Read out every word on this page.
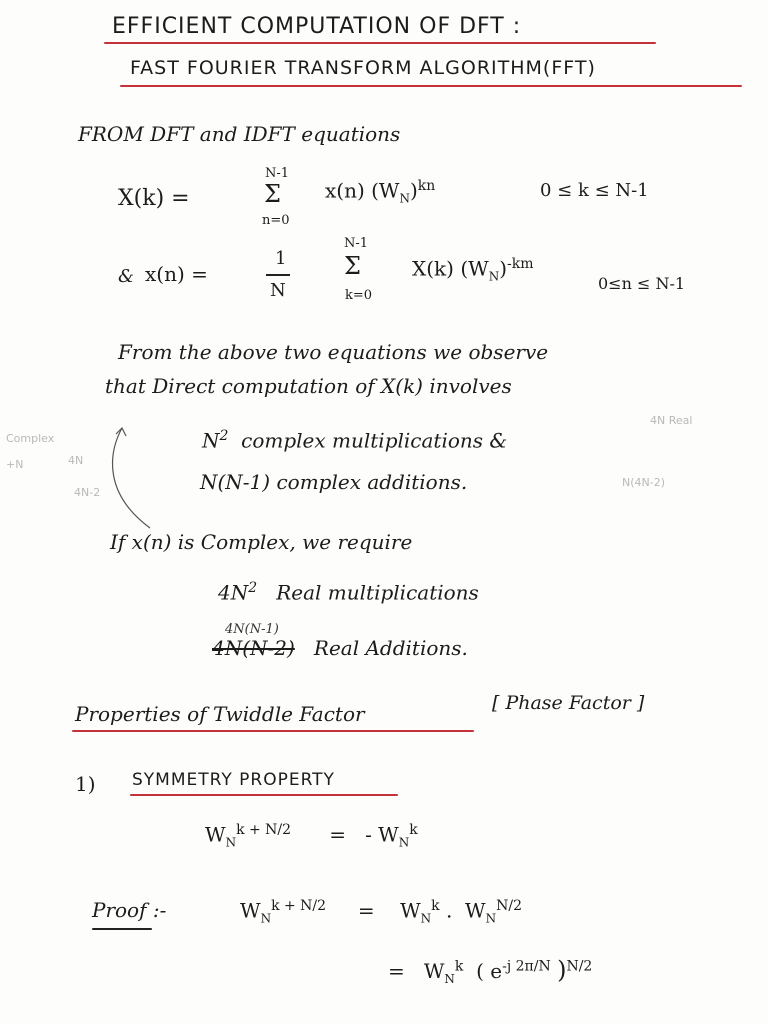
EFFICIENT COMPUTATION OF DFT :
FAST FOURIER TRANSFORM ALGORITHM(FFT)
FROM DFT and IDFT equations
X(k) =
N-1
Σ
n=0
x(n) $(W_N)^{kn}$	0 ≤ k ≤ N-1
& x(n) =
1
N
N-1
Σ
k=0
X(k) $(W_N)^{-km}$
0≤n ≤ N-1
From the above two equations we observe
that Direct computation of X(k) involves
$N^2$ complex multiplications &
N(N-1) complex additions.
Complex
4N
4N-2
+N
4N Real
N(4N-2)
If x(n) is Complex, we require
$4N^2$ Real multiplications
4N(N-1)
4N(N-2) Real Additions.
Properties of Twiddle Factor	[ Phase Factor ]
1) SYMMETRY PROPERTY
$W_N^{k + N/2}$ = - $W_N^k$
Proof :-	$W_N^{k + N/2} = W_N^k$ . $W_N^{N/2}$
= $W_N^k$ ( $e^{-j 2\pi/N}$ )$^{N/2}$
